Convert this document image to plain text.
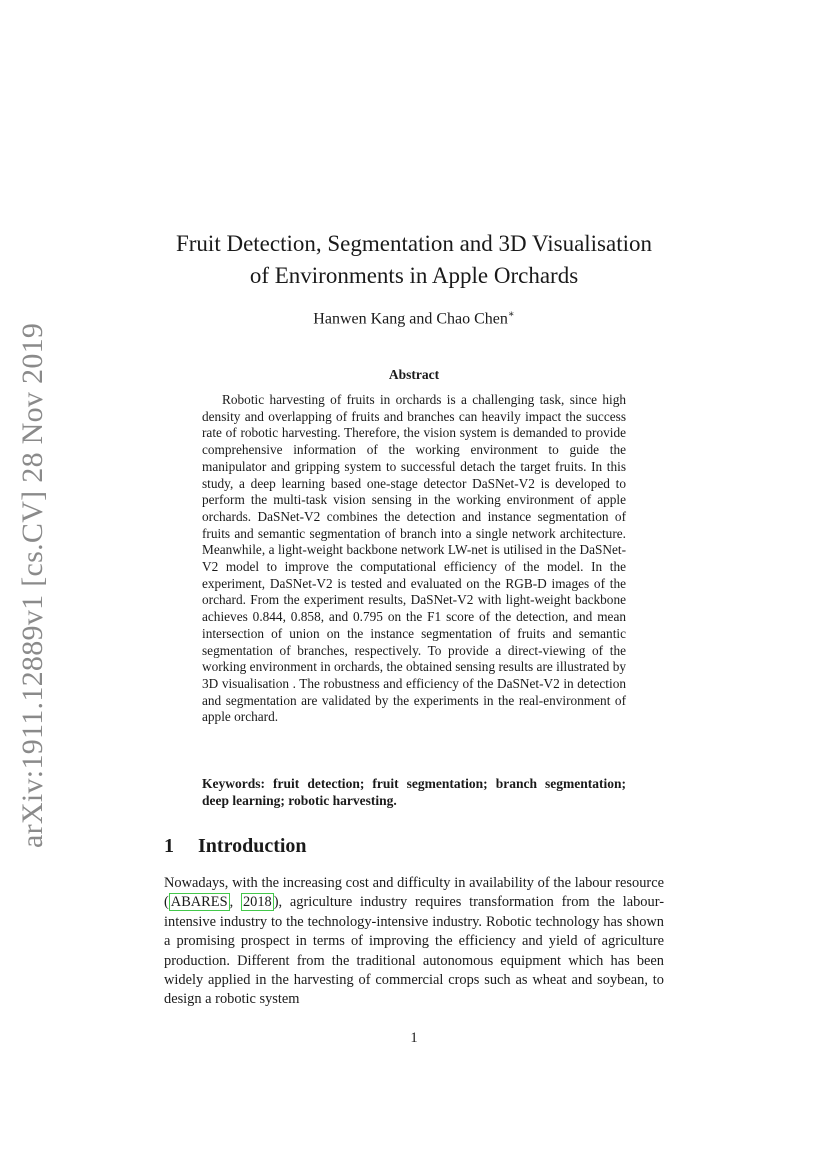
arXiv:1911.12889v1 [cs.CV] 28 Nov 2019
Fruit Detection, Segmentation and 3D Visualisation
of Environments in Apple Orchards
Hanwen Kang and Chao Chen∗
Abstract

Robotic harvesting of fruits in orchards is a challenging task, since high density and overlapping of fruits and branches can heavily impact the success rate of robotic harvesting. Therefore, the vision system is demanded to provide comprehensive information of the working environment to guide the manipulator and gripping system to successful detach the target fruits. In this study, a deep learning based one-stage detector DaSNet-V2 is developed to perform the multi-task vision sensing in the working environment of apple orchards. DaSNet-V2 combines the detection and instance segmentation of fruits and semantic segmentation of branch into a single network architecture. Meanwhile, a light-weight backbone network LW-net is utilised in the DaSNet-V2 model to improve the computational efficiency of the model. In the experiment, DaSNet-V2 is tested and evaluated on the RGB-D images of the orchard. From the experiment results, DaSNet-V2 with light-weight backbone achieves 0.844, 0.858, and 0.795 on the F1 score of the detection, and mean intersection of union on the instance segmentation of fruits and semantic segmentation of branches, respectively. To provide a direct-viewing of the working environment in orchards, the obtained sensing results are illustrated by 3D visualisation . The robustness and efficiency of the DaSNet-V2 in detection and segmentation are validated by the experiments in the real-environment of apple orchard.

Keywords: fruit detection; fruit segmentation; branch segmentation; deep learning; robotic harvesting.

1 Introduction

Nowadays, with the increasing cost and difficulty in availability of the labour resource ( ABARES , 2018 ), agriculture industry requires transformation from the labour-intensive industry to the technology-intensive industry. Robotic technology has shown a promising prospect in terms of improving the efficiency and yield of agriculture production. Different from the traditional autonomous equipment which has been widely applied in the harvesting of commercial crops such as wheat and soybean, to design a robotic system

1
